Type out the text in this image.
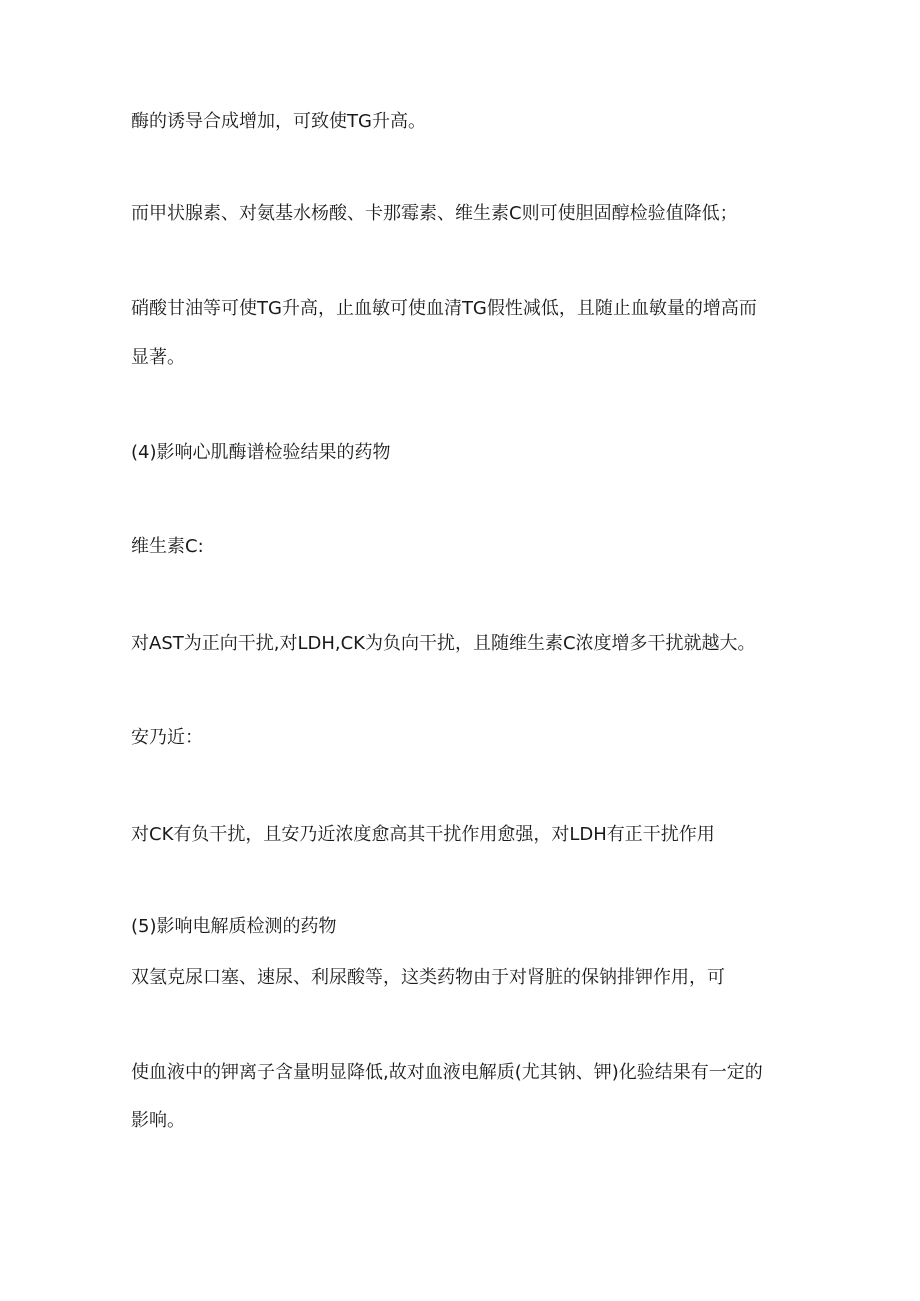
酶的诱导合成增加，可致使TG升高。
而甲状腺素、对氨基水杨酸、卡那霉素、维生素C则可使胆固醇检验值降低；
硝酸甘油等可使TG升高，止血敏可使血清TG假性减低，且随止血敏量的增高而
显著。
(4)影响心肌酶谱检验结果的药物
维生素C:
对AST为正向干扰,对LDH,CK为负向干扰，且随维生素C浓度增多干扰就越大。
安乃近：
对CK有负干扰，且安乃近浓度愈高其干扰作用愈强，对LDH有正干扰作用
(5)影响电解质检测的药物
双氢克尿口塞、速尿、利尿酸等，这类药物由于对肾脏的保钠排钾作用，可
使血液中的钾离子含量明显降低,故对血液电解质(尤其钠、钾)化验结果有一定的
影响。
